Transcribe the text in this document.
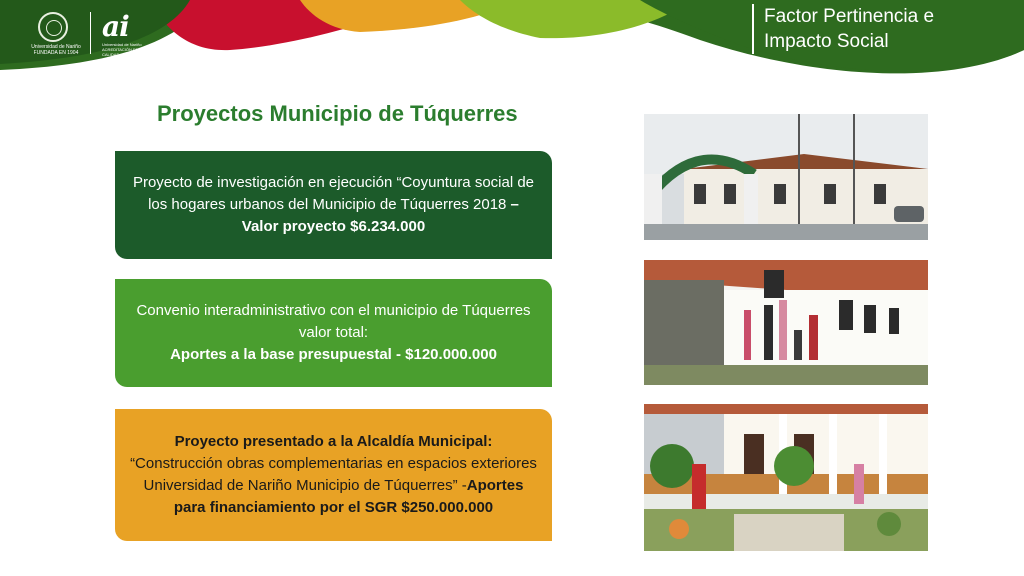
Universidad de Nariño
FUNDADA EN 1904
ai
Universidad de Nariño
ACREDITACIÓN EN ALTA CALIDAD
RESOLUCIÓN No 3502 - MAYO 2018 2017
Factor Pertinencia e
Impacto Social
Proyectos Municipio de Túquerres
Proyecto de investigación en ejecución “Coyuntura social de los hogares urbanos del Municipio de Túquerres 2018 – Valor proyecto $6.234.000
Convenio interadministrativo con el municipio de Túquerres valor total:
Aportes a la base presupuestal - $120.000.000
Proyecto presentado a la Alcaldía Municipal:
“Construcción obras complementarias en espacios exteriores Universidad de Nariño Municipio de Túquerres” -Aportes para financiamiento por el SGR $250.000.000
